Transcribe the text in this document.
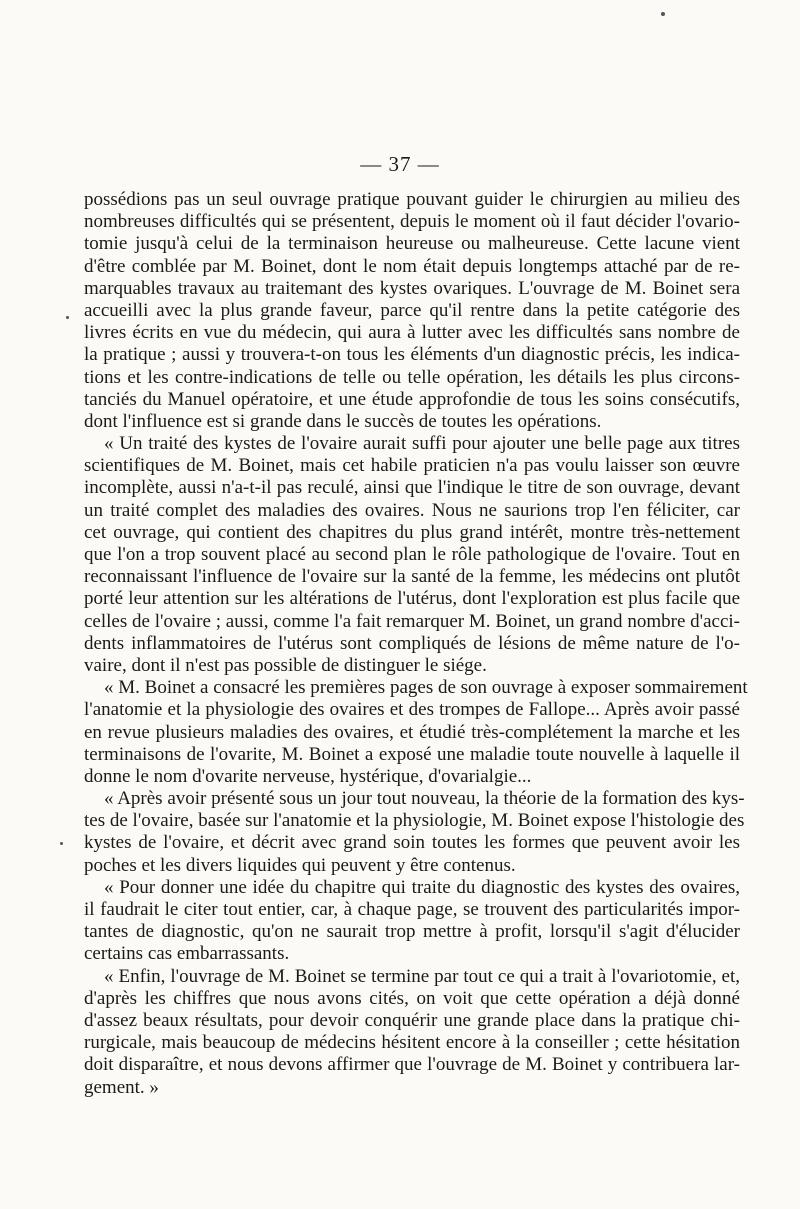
— 37 —
possédions pas un seul ouvrage pratique pouvant guider le chirurgien au milieu des
nombreuses difficultés qui se présentent, depuis le moment où il faut décider l'ovario-
tomie jusqu'à celui de la terminaison heureuse ou malheureuse. Cette lacune vient
d'être comblée par M. Boinet, dont le nom était depuis longtemps attaché par de re-
marquables travaux au traitemant des kystes ovariques. L'ouvrage de M. Boinet sera
accueilli avec la plus grande faveur, parce qu'il rentre dans la petite catégorie des
livres écrits en vue du médecin, qui aura à lutter avec les difficultés sans nombre de
la pratique ; aussi y trouvera-t-on tous les éléments d'un diagnostic précis, les indica-
tions et les contre-indications de telle ou telle opération, les détails les plus circons-
tanciés du Manuel opératoire, et une étude approfondie de tous les soins consécutifs,
dont l'influence est si grande dans le succès de toutes les opérations.
« Un traité des kystes de l'ovaire aurait suffi pour ajouter une belle page aux titres
scientifiques de M. Boinet, mais cet habile praticien n'a pas voulu laisser son œuvre
incomplète, aussi n'a-t-il pas reculé, ainsi que l'indique le titre de son ouvrage, devant
un traité complet des maladies des ovaires. Nous ne saurions trop l'en féliciter, car
cet ouvrage, qui contient des chapitres du plus grand intérêt, montre très-nettement
que l'on a trop souvent placé au second plan le rôle pathologique de l'ovaire. Tout en
reconnaissant l'influence de l'ovaire sur la santé de la femme, les médecins ont plutôt
porté leur attention sur les altérations de l'utérus, dont l'exploration est plus facile que
celles de l'ovaire ; aussi, comme l'a fait remarquer M. Boinet, un grand nombre d'acci-
dents inflammatoires de l'utérus sont compliqués de lésions de même nature de l'o-
vaire, dont il n'est pas possible de distinguer le siége.
« M. Boinet a consacré les premières pages de son ouvrage à exposer sommairement
l'anatomie et la physiologie des ovaires et des trompes de Fallope... Après avoir passé
en revue plusieurs maladies des ovaires, et étudié très-complétement la marche et les
terminaisons de l'ovarite, M. Boinet a exposé une maladie toute nouvelle à laquelle il
donne le nom d'ovarite nerveuse, hystérique, d'ovarialgie...
« Après avoir présenté sous un jour tout nouveau, la théorie de la formation des kys-
tes de l'ovaire, basée sur l'anatomie et la physiologie, M. Boinet expose l'histologie des
kystes de l'ovaire, et décrit avec grand soin toutes les formes que peuvent avoir les
poches et les divers liquides qui peuvent y être contenus.
« Pour donner une idée du chapitre qui traite du diagnostic des kystes des ovaires,
il faudrait le citer tout entier, car, à chaque page, se trouvent des particularités impor-
tantes de diagnostic, qu'on ne saurait trop mettre à profit, lorsqu'il s'agit d'élucider
certains cas embarrassants.
« Enfin, l'ouvrage de M. Boinet se termine par tout ce qui a trait à l'ovariotomie, et,
d'après les chiffres que nous avons cités, on voit que cette opération a déjà donné
d'assez beaux résultats, pour devoir conquérir une grande place dans la pratique chi-
rurgicale, mais beaucoup de médecins hésitent encore à la conseiller ; cette hésitation
doit disparaître, et nous devons affirmer que l'ouvrage de M. Boinet y contribuera lar-
gement. »
